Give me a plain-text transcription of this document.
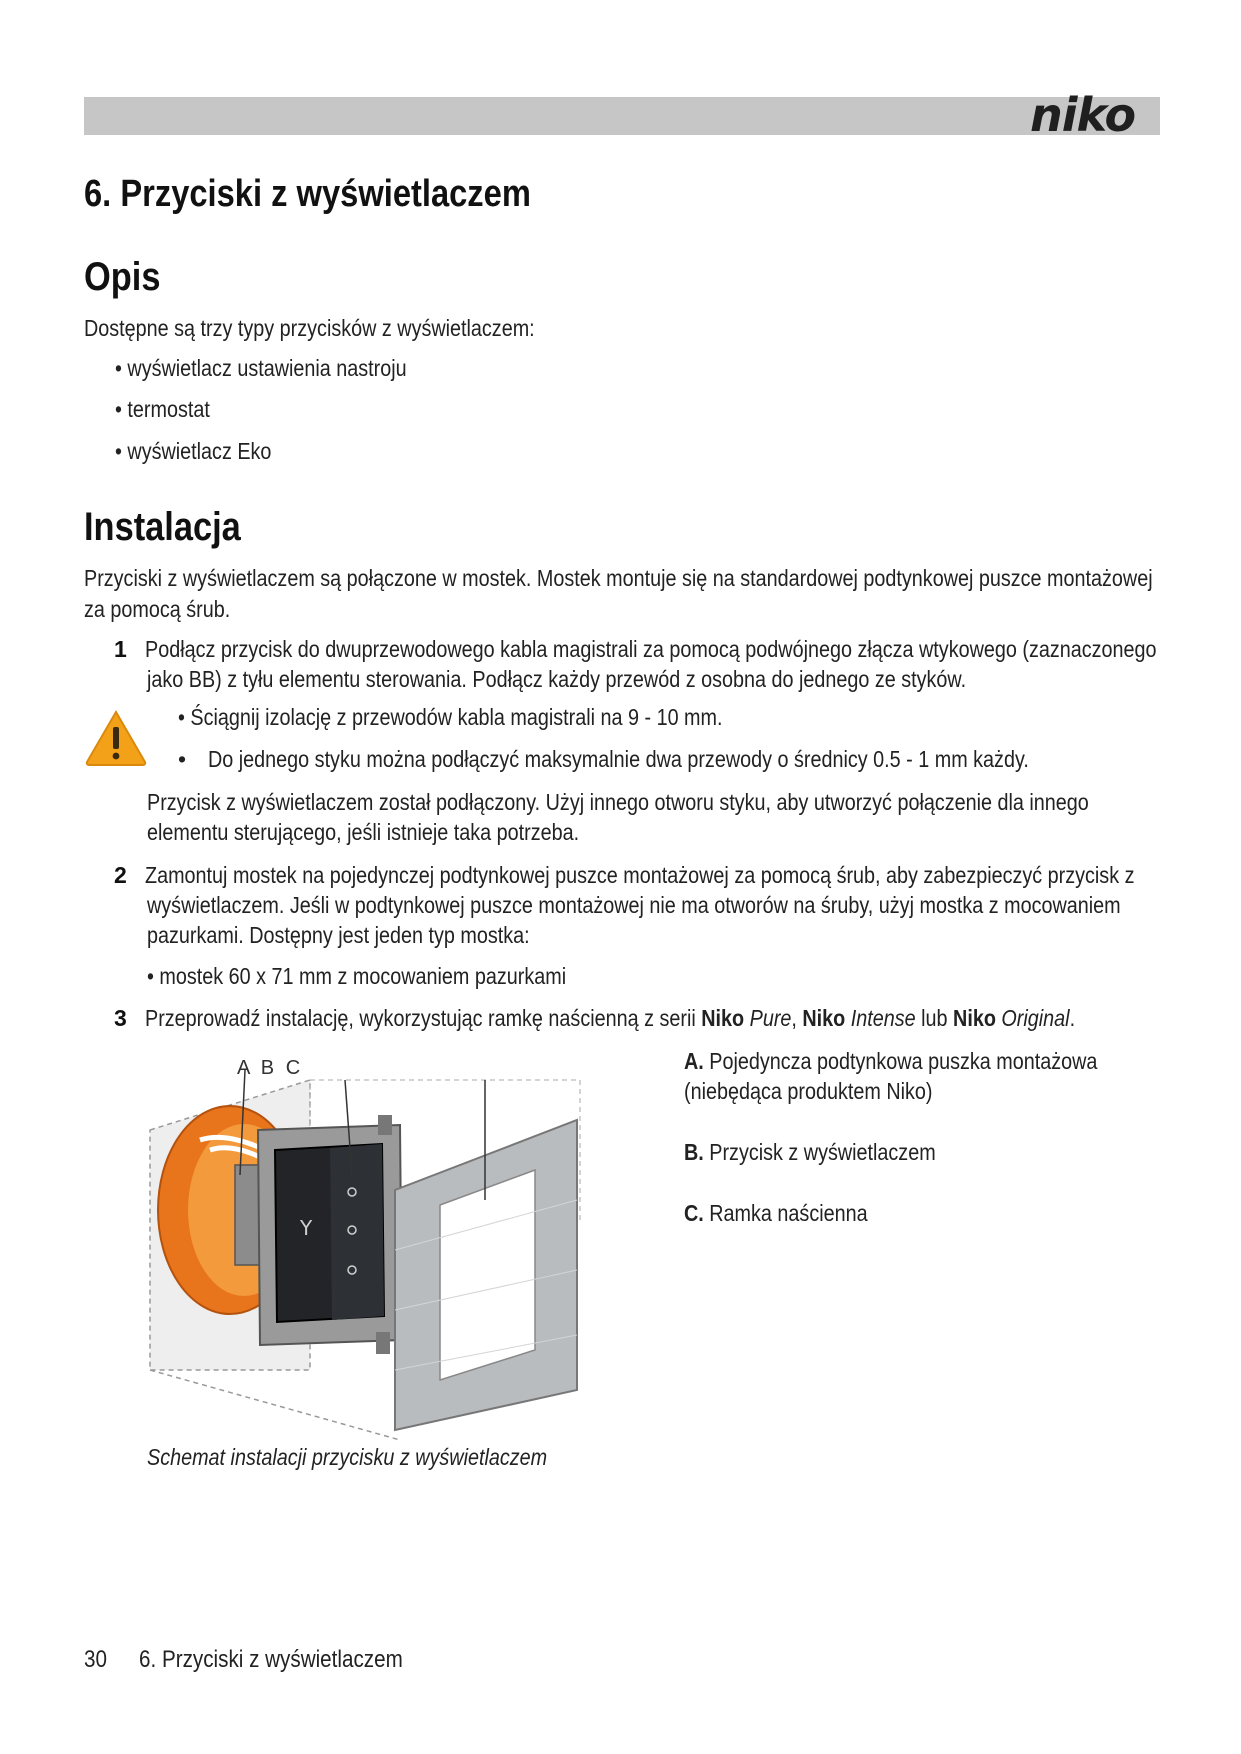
niko
6. Przyciski z wyświetlaczem
Opis
Dostępne są trzy typy przycisków z wyświetlaczem:
• wyświetlacz ustawienia nastroju
• termostat
• wyświetlacz Eko
Instalacja
Przyciski z wyświetlaczem są połączone w mostek. Mostek montuje się na standardowej podtynkowej puszce montażowej
za pomocą śrub.
1 Podłącz przycisk do dwuprzewodowego kabla magistrali za pomocą podwójnego złącza wtykowego (zaznaczonego
jako BB) z tyłu elementu sterowania. Podłącz każdy przewód z osobna do jednego ze styków.
• Ściągnij izolację z przewodów kabla magistrali na 9 - 10 mm.
• Do jednego styku można podłączyć maksymalnie dwa przewody o średnicy 0.5 - 1 mm każdy.
Przycisk z wyświetlaczem został podłączony. Użyj innego otworu styku, aby utworzyć połączenie dla innego
elementu sterującego, jeśli istnieje taka potrzeba.
2 Zamontuj mostek na pojedynczej podtynkowej puszce montażowej za pomocą śrub, aby zabezpieczyć przycisk z
wyświetlaczem. Jeśli w podtynkowej puszce montażowej nie ma otworów na śruby, użyj mostka z mocowaniem
pazurkami. Dostępny jest jeden typ mostka:
• mostek 60 x 71 mm z mocowaniem pazurkami
3 Przeprowadź instalację, wykorzystując ramkę naścienną z serii Niko Pure, Niko Intense lub Niko Original.
A B C
Y
Schemat instalacji przycisku z wyświetlaczem
A. Pojedyncza podtynkowa puszka montażowa
(niebędąca produktem Niko)
B. Przycisk z wyświetlaczem
C. Ramka naścienna
30 6. Przyciski z wyświetlaczem
